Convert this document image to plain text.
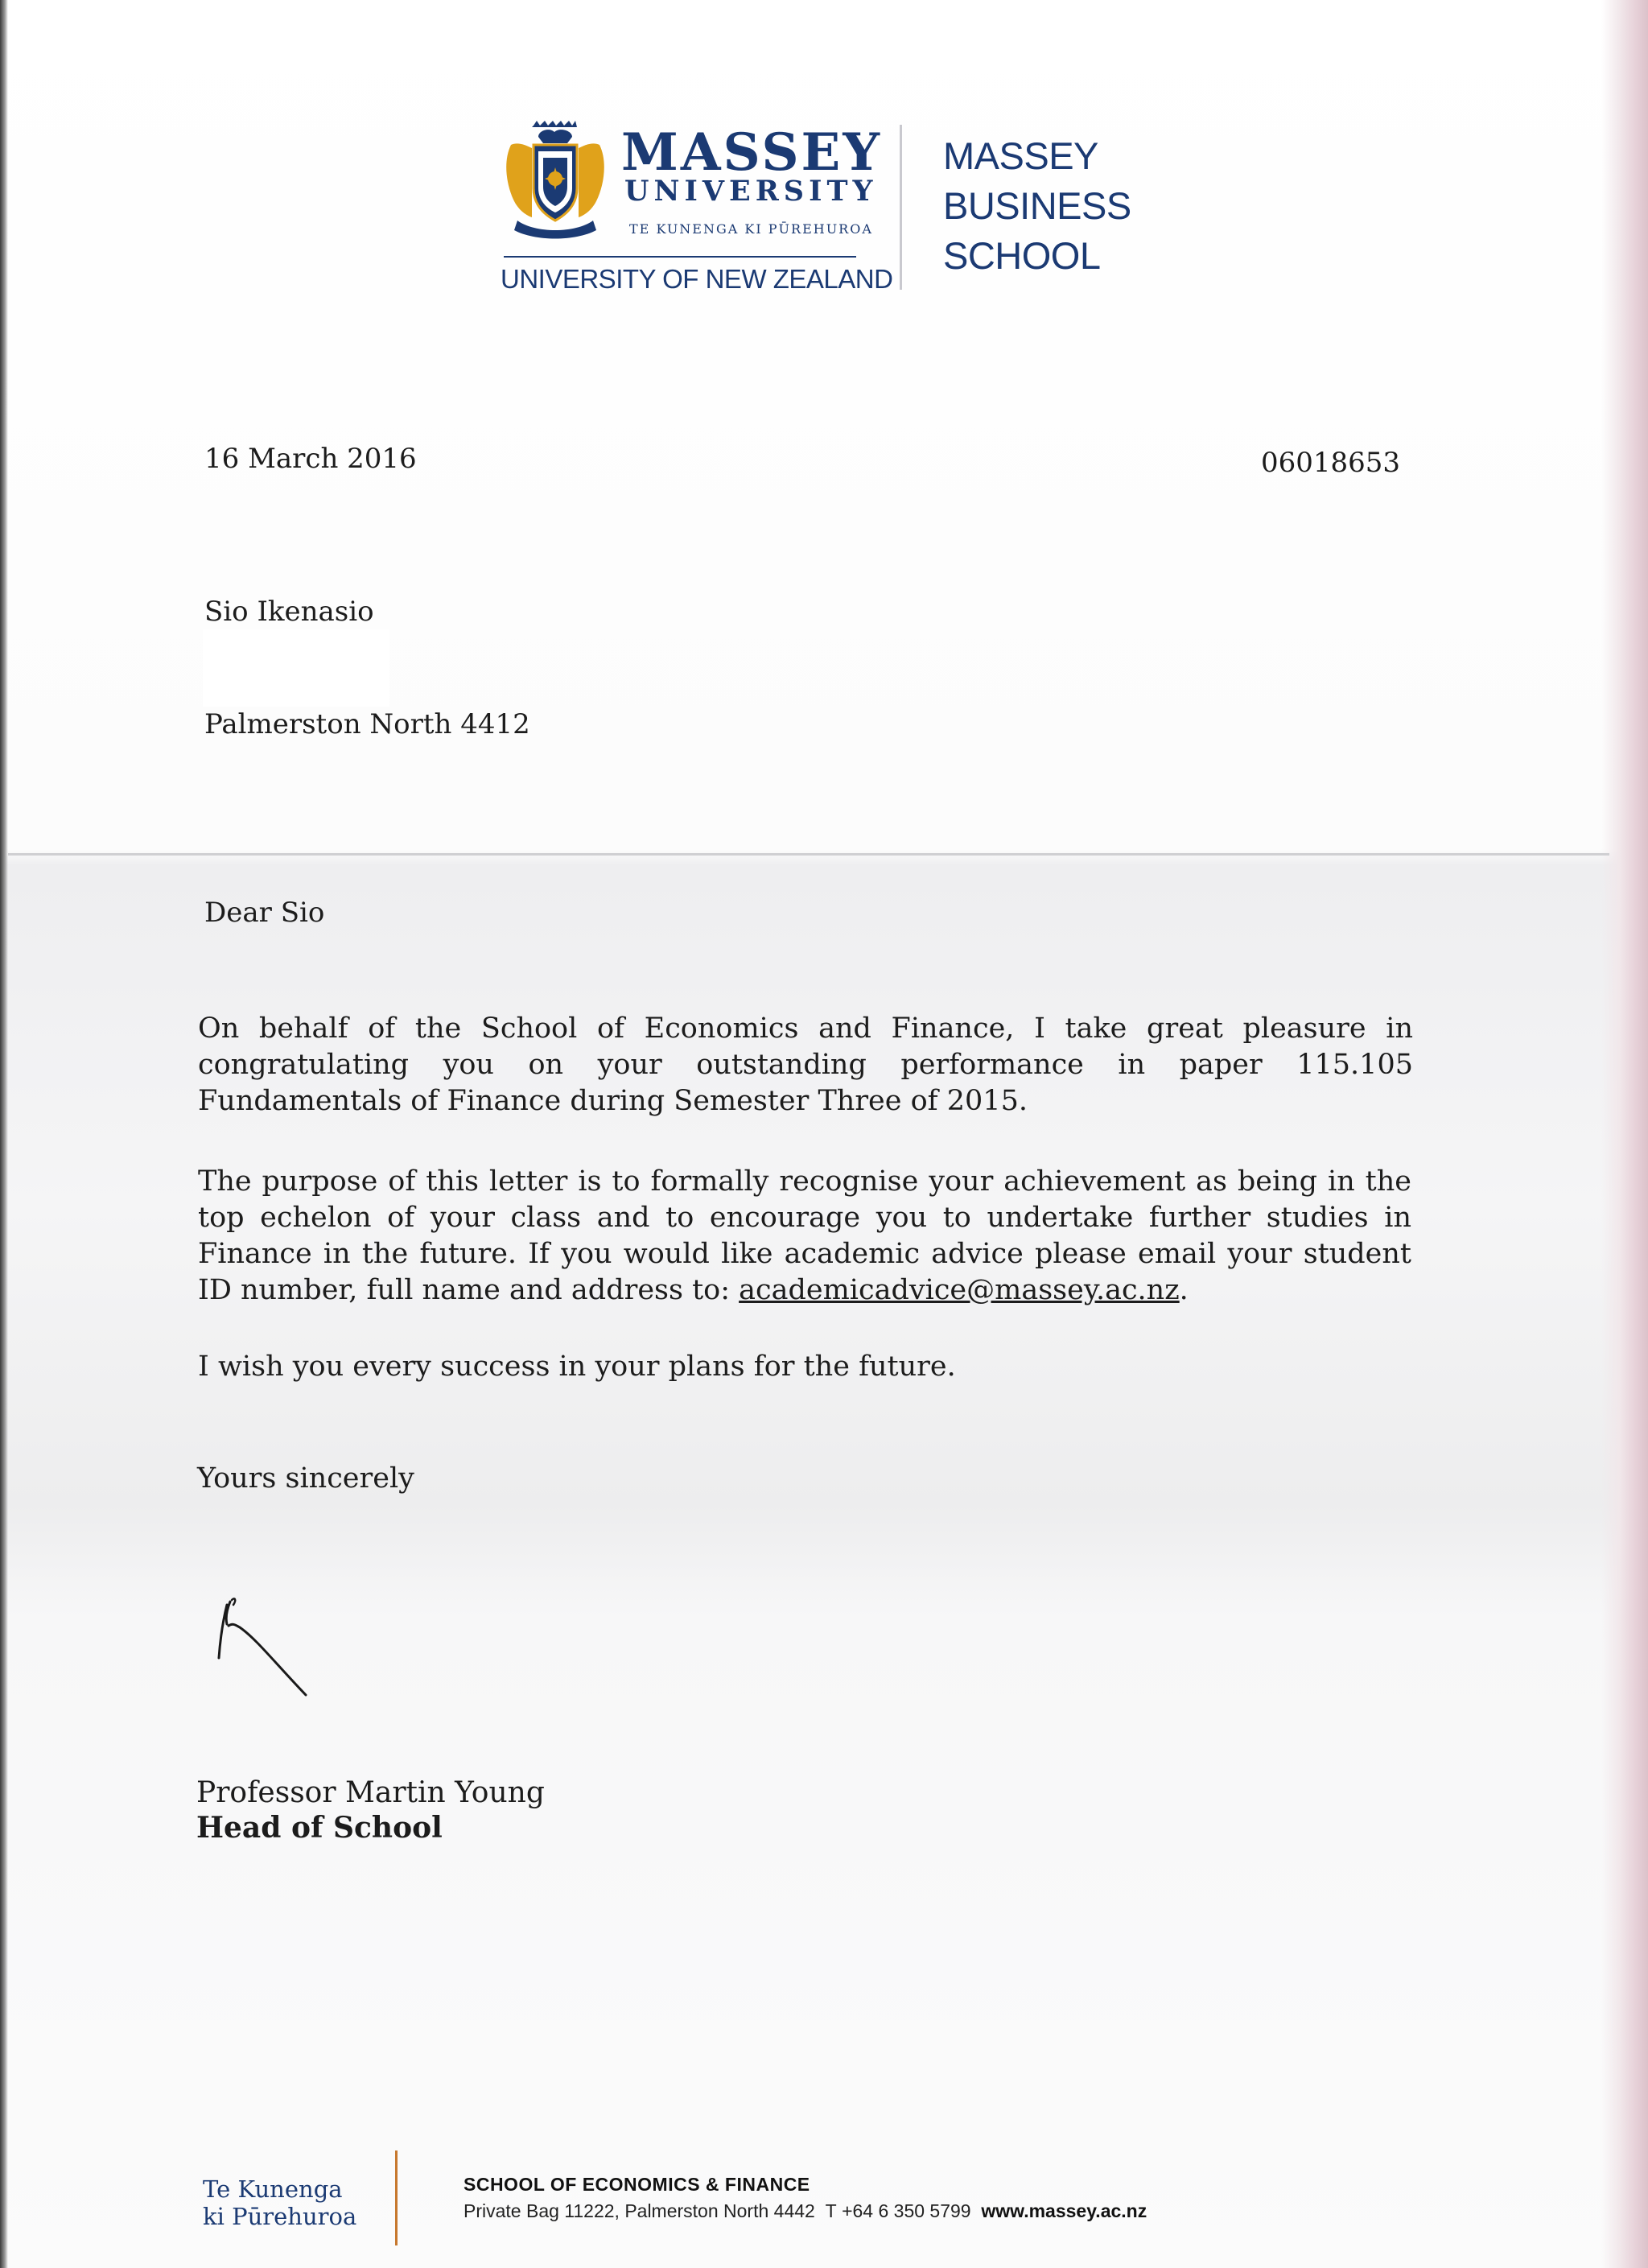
MASSEY
UNIVERSITY
TE KUNENGA KI PŪREHUROA
UNIVERSITY OF NEW ZEALAND
MASSEY
BUSINESS
SCHOOL
16 March 2016	06018653
Sio Ikenasio
Palmerston North 4412
Dear Sio
On behalf of the School of Economics and Finance, I take great pleasure in congratulating you on your outstanding performance in paper 115.105 Fundamentals of Finance during Semester Three of 2015.
The purpose of this letter is to formally recognise your achievement as being in the top echelon of your class and to encourage you to undertake further studies in Finance in the future. If you would like academic advice please email your student ID number, full name and address to: academicadvice@massey.ac.nz.
I wish you every success in your plans for the future.
Yours sincerely
Professor Martin Young
Head of School
Te Kunenga
ki Pūrehuroa
SCHOOL OF ECONOMICS & FINANCE
Private Bag 11222, Palmerston North 4442 T +64 6 350 5799 www.massey.ac.nz
